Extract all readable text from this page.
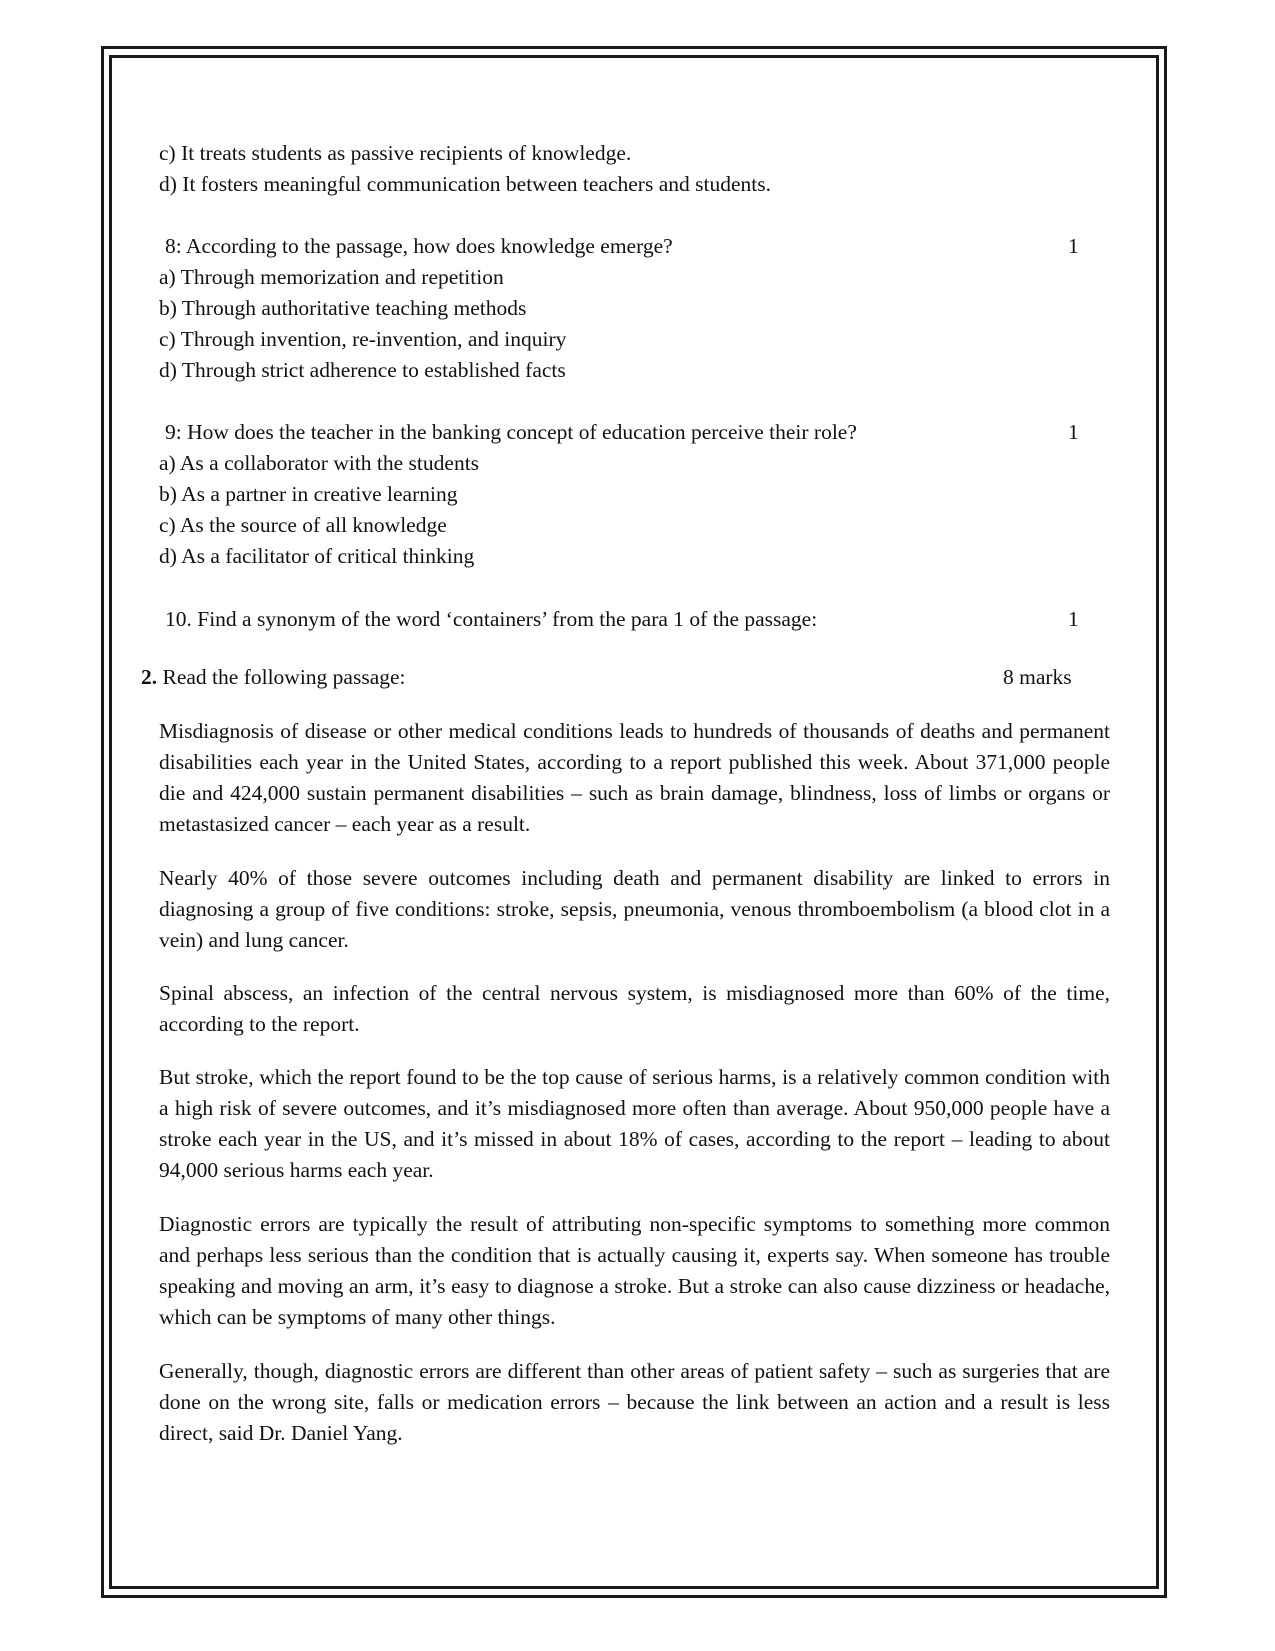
c) It treats students as passive recipients of knowledge.
d) It fosters meaningful communication between teachers and students.
8: According to the passage, how does knowledge emerge?	1
a) Through memorization and repetition
b) Through authoritative teaching methods
c) Through invention, re-invention, and inquiry
d) Through strict adherence to established facts
9: How does the teacher in the banking concept of education perceive their role?	1
a) As a collaborator with the students
b) As a partner in creative learning
c) As the source of all knowledge
d) As a facilitator of critical thinking
10. Find a synonym of the word ‘containers’ from the para 1 of the passage:	1
2. Read the following passage:	8 marks

Misdiagnosis of disease or other medical conditions leads to hundreds of thousands of deaths and permanent disabilities each year in the United States, according to a report published this week. About 371,000 people die and 424,000 sustain permanent disabilities – such as brain damage, blindness, loss of limbs or organs or metastasized cancer – each year as a result.

Nearly 40% of those severe outcomes including death and permanent disability are linked to errors in diagnosing a group of five conditions: stroke, sepsis, pneumonia, venous thromboembolism (a blood clot in a vein) and lung cancer.

Spinal abscess, an infection of the central nervous system, is misdiagnosed more than 60% of the time, according to the report.

But stroke, which the report found to be the top cause of serious harms, is a relatively common condition with a high risk of severe outcomes, and it’s misdiagnosed more often than average. About 950,000 people have a stroke each year in the US, and it’s missed in about 18% of cases, according to the report – leading to about 94,000 serious harms each year.

Diagnostic errors are typically the result of attributing non-specific symptoms to something more common and perhaps less serious than the condition that is actually causing it, experts say. When someone has trouble speaking and moving an arm, it’s easy to diagnose a stroke. But a stroke can also cause dizziness or headache, which can be symptoms of many other things.

Generally, though, diagnostic errors are different than other areas of patient safety – such as surgeries that are done on the wrong site, falls or medication errors – because the link between an action and a result is less direct, said Dr. Daniel Yang.
